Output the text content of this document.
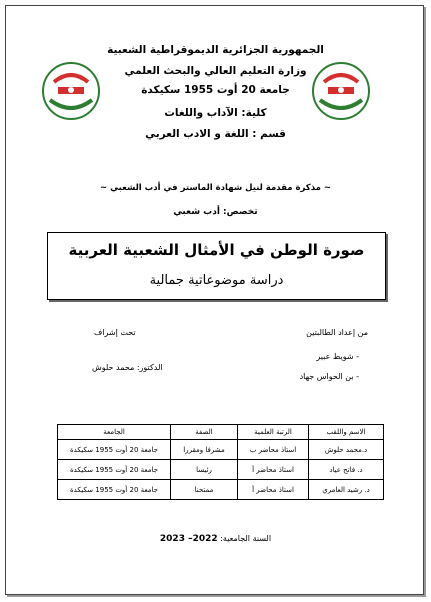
الجمهورية الجزائرية الديموقراطية الشعبية
وزارة التعليم العالي والبحث العلمي
جامعة 20 أوت 1955 سكيكدة
كلية: الآداب واللغات
قسم : اللغة و الادب العربي
~ مذكرة مقدمة لنيل شهادة الماستر في أدب الشعبي ~
تخصص: أدب شعبي
صورة الوطن في الأمثال الشعبية العربية
دراسة موضوعاتية جمالية
من إعداد الطالبتين
- شويط عبير
- بن الحواس جهاد
تحت إشراف
الدكتور: محمد حلوش
الاسم واللقب	الرتبة العلمية	الصفة	الجامعة
د.محمد حلوش	استاذ محاضر ب	مشرفا ومقررا	جامعة 20 أوت 1955 سكيكدة
د. فاتح عياد	استاذ محاضر أ	رئيسا	جامعة 20 أوت 1955 سكيكدة
د. رشيد العامري	استاذ محاضر أ	ممتحنا	جامعة 20 أوت 1955 سكيكدة
السنة الجامعية: 2022– 2023
